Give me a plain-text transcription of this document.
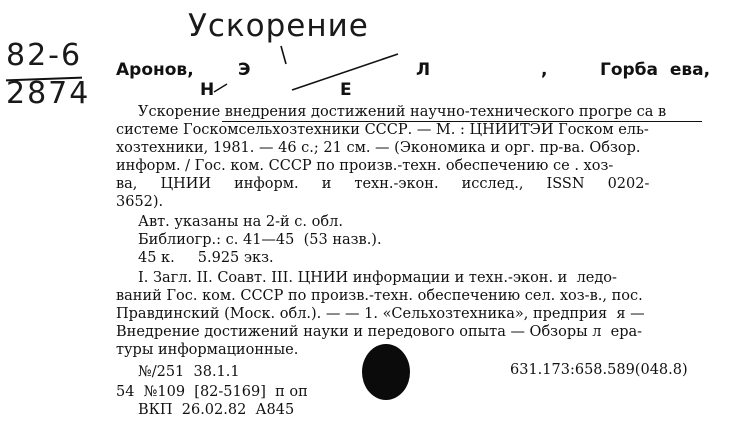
Ускорение
82-6
2874
Аронов,	Э	Л	,	Горба  ева,
Н	Е
Ускорение внедрения достижений научно-технического прогре са в
системе Госкомсельхозтехники СССР. — М. : ЦНИИТЭИ Госком ель-
хозтехники, 1981. — 46 с.; 21 см. — (Экономика и орг. пр-ва. Обзор.
информ. / Гос. ком. СССР по произв.-техн. обеспечению се . хоз-
ва,     ЦНИИ     информ.     и     техн.-экон.     исслед.,     ISSN     0202-
3652).
Авт. указаны на 2-й с. обл.
Библиогр.: с. 41—45  (53 назв.).
45 к.     5.925 экз.
I. Загл. II. Соавт. III. ЦНИИ информации и техн.-экон. и  ледо-
ваний Гос. ком. СССР по произв.-техн. обеспечению сел. хоз-в., пос.
Правдинский (Моск. обл.). — — 1. «Сельхозтехника», предприя  я —
Внедрение достижений науки и передового опыта — Обзоры л  ера-
туры информационные.
№/251  38.1.1
54  №109  [82-5169]  п оп
ВКП  26.02.82  А845
631.173:658.589(048.8)
